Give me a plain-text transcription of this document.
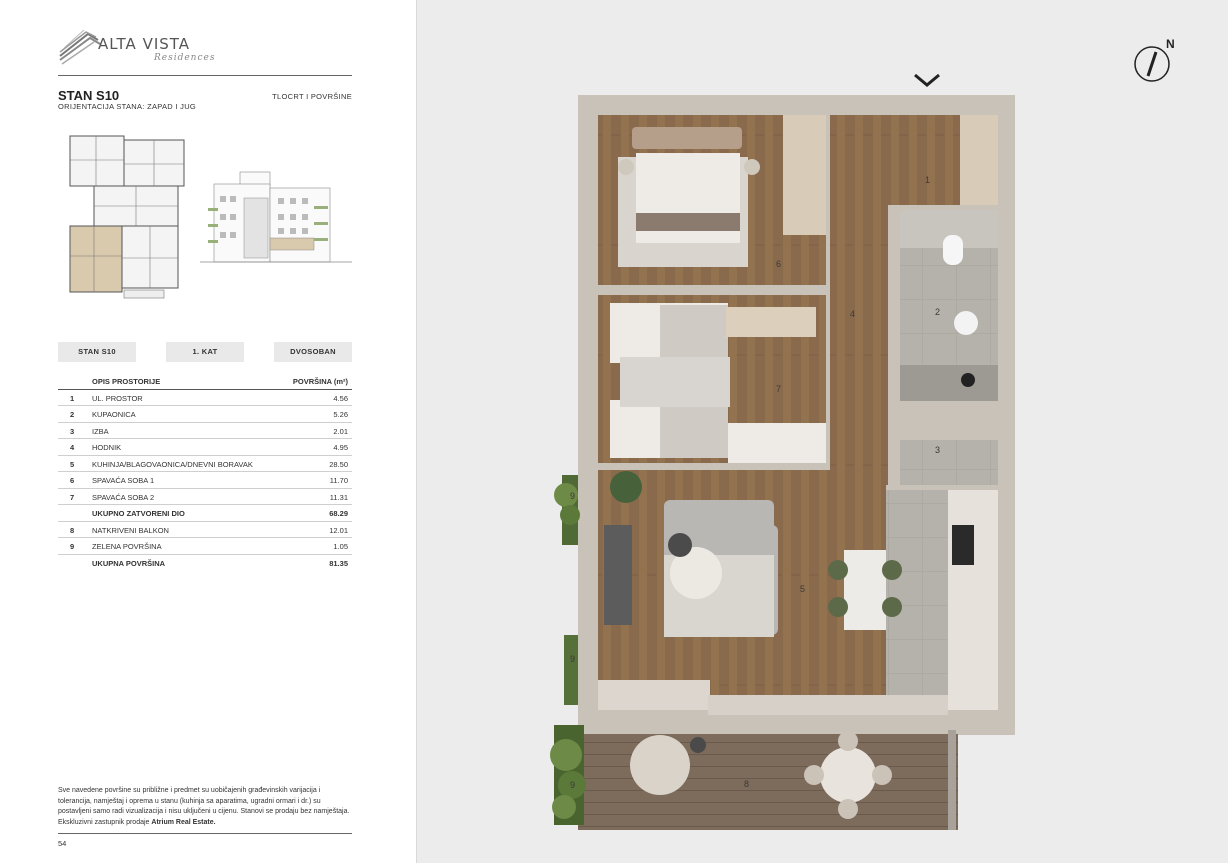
ALTA VISTA
Residences
STAN S10
ORIJENTACIJA STANA: ZAPAD I JUG
TLOCRT I POVRŠINE
STAN S10	1. KAT	DVOSOBAN
OPIS PROSTORIJE	POVRŠINA (m²)
1 UL. PROSTOR	4.56
2 KUPAONICA	5.26
3 IZBA	2.01
4 HODNIK	4.95
5 KUHINJA/BLAGOVAONICA/DNEVNI BORAVAK	28.50
6 SPAVAĆA SOBA 1	11.70
7 SPAVAĆA SOBA 2	11.31
UKUPNO ZATVORENI DIO	68.29
8 NATKRIVENI BALKON	12.01
9 ZELENA POVRŠINA	1.05
UKUPNA POVRŠINA	81.35
Sve navedene površine su približne i predmet su uobičajenih građevinskih varijacija i tolerancija, namještaj i oprema u stanu (kuhinja sa aparatima, ugradni ormari i dr.) su postavljeni samo radi vizualizacija i nisu uključeni u cijenu. Stanovi se prodaju bez namještaja. Ekskluzivni zastupnik prodaje Atrium Real Estate.
54
N
1
2
3
4
5
6
7
8
9
9
9
